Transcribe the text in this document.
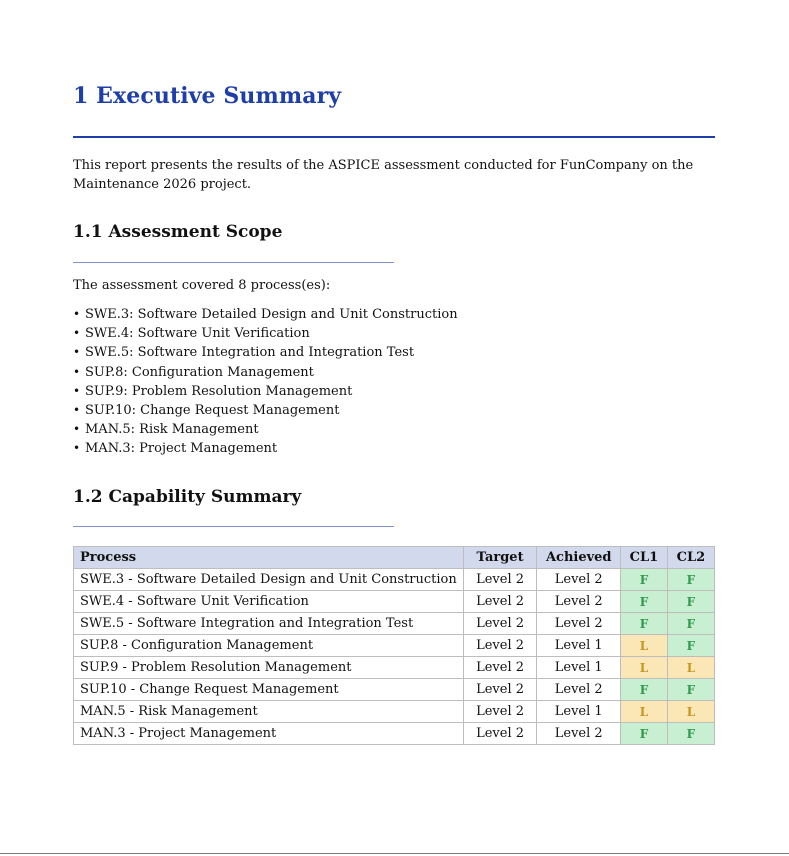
1 Executive Summary
This report presents the results of the ASPICE assessment conducted for FunCompany on the Maintenance 2026 project.
1.1 Assessment Scope
The assessment covered 8 process(es):
• SWE.3: Software Detailed Design and Unit Construction
• SWE.4: Software Unit Verification
• SWE.5: Software Integration and Integration Test
• SUP.8: Configuration Management
• SUP.9: Problem Resolution Management
• SUP.10: Change Request Management
• MAN.5: Risk Management
• MAN.3: Project Management
1.2 Capability Summary
Process	Target	Achieved	CL1	CL2
SWE.3 - Software Detailed Design and Unit Construction	Level 2	Level 2	F	F
SWE.4 - Software Unit Verification	Level 2	Level 2	F	F
SWE.5 - Software Integration and Integration Test	Level 2	Level 2	F	F
SUP.8 - Configuration Management	Level 2	Level 1	L	F
SUP.9 - Problem Resolution Management	Level 2	Level 1	L	L
SUP.10 - Change Request Management	Level 2	Level 2	F	F
MAN.5 - Risk Management	Level 2	Level 1	L	L
MAN.3 - Project Management	Level 2	Level 2	F	F
